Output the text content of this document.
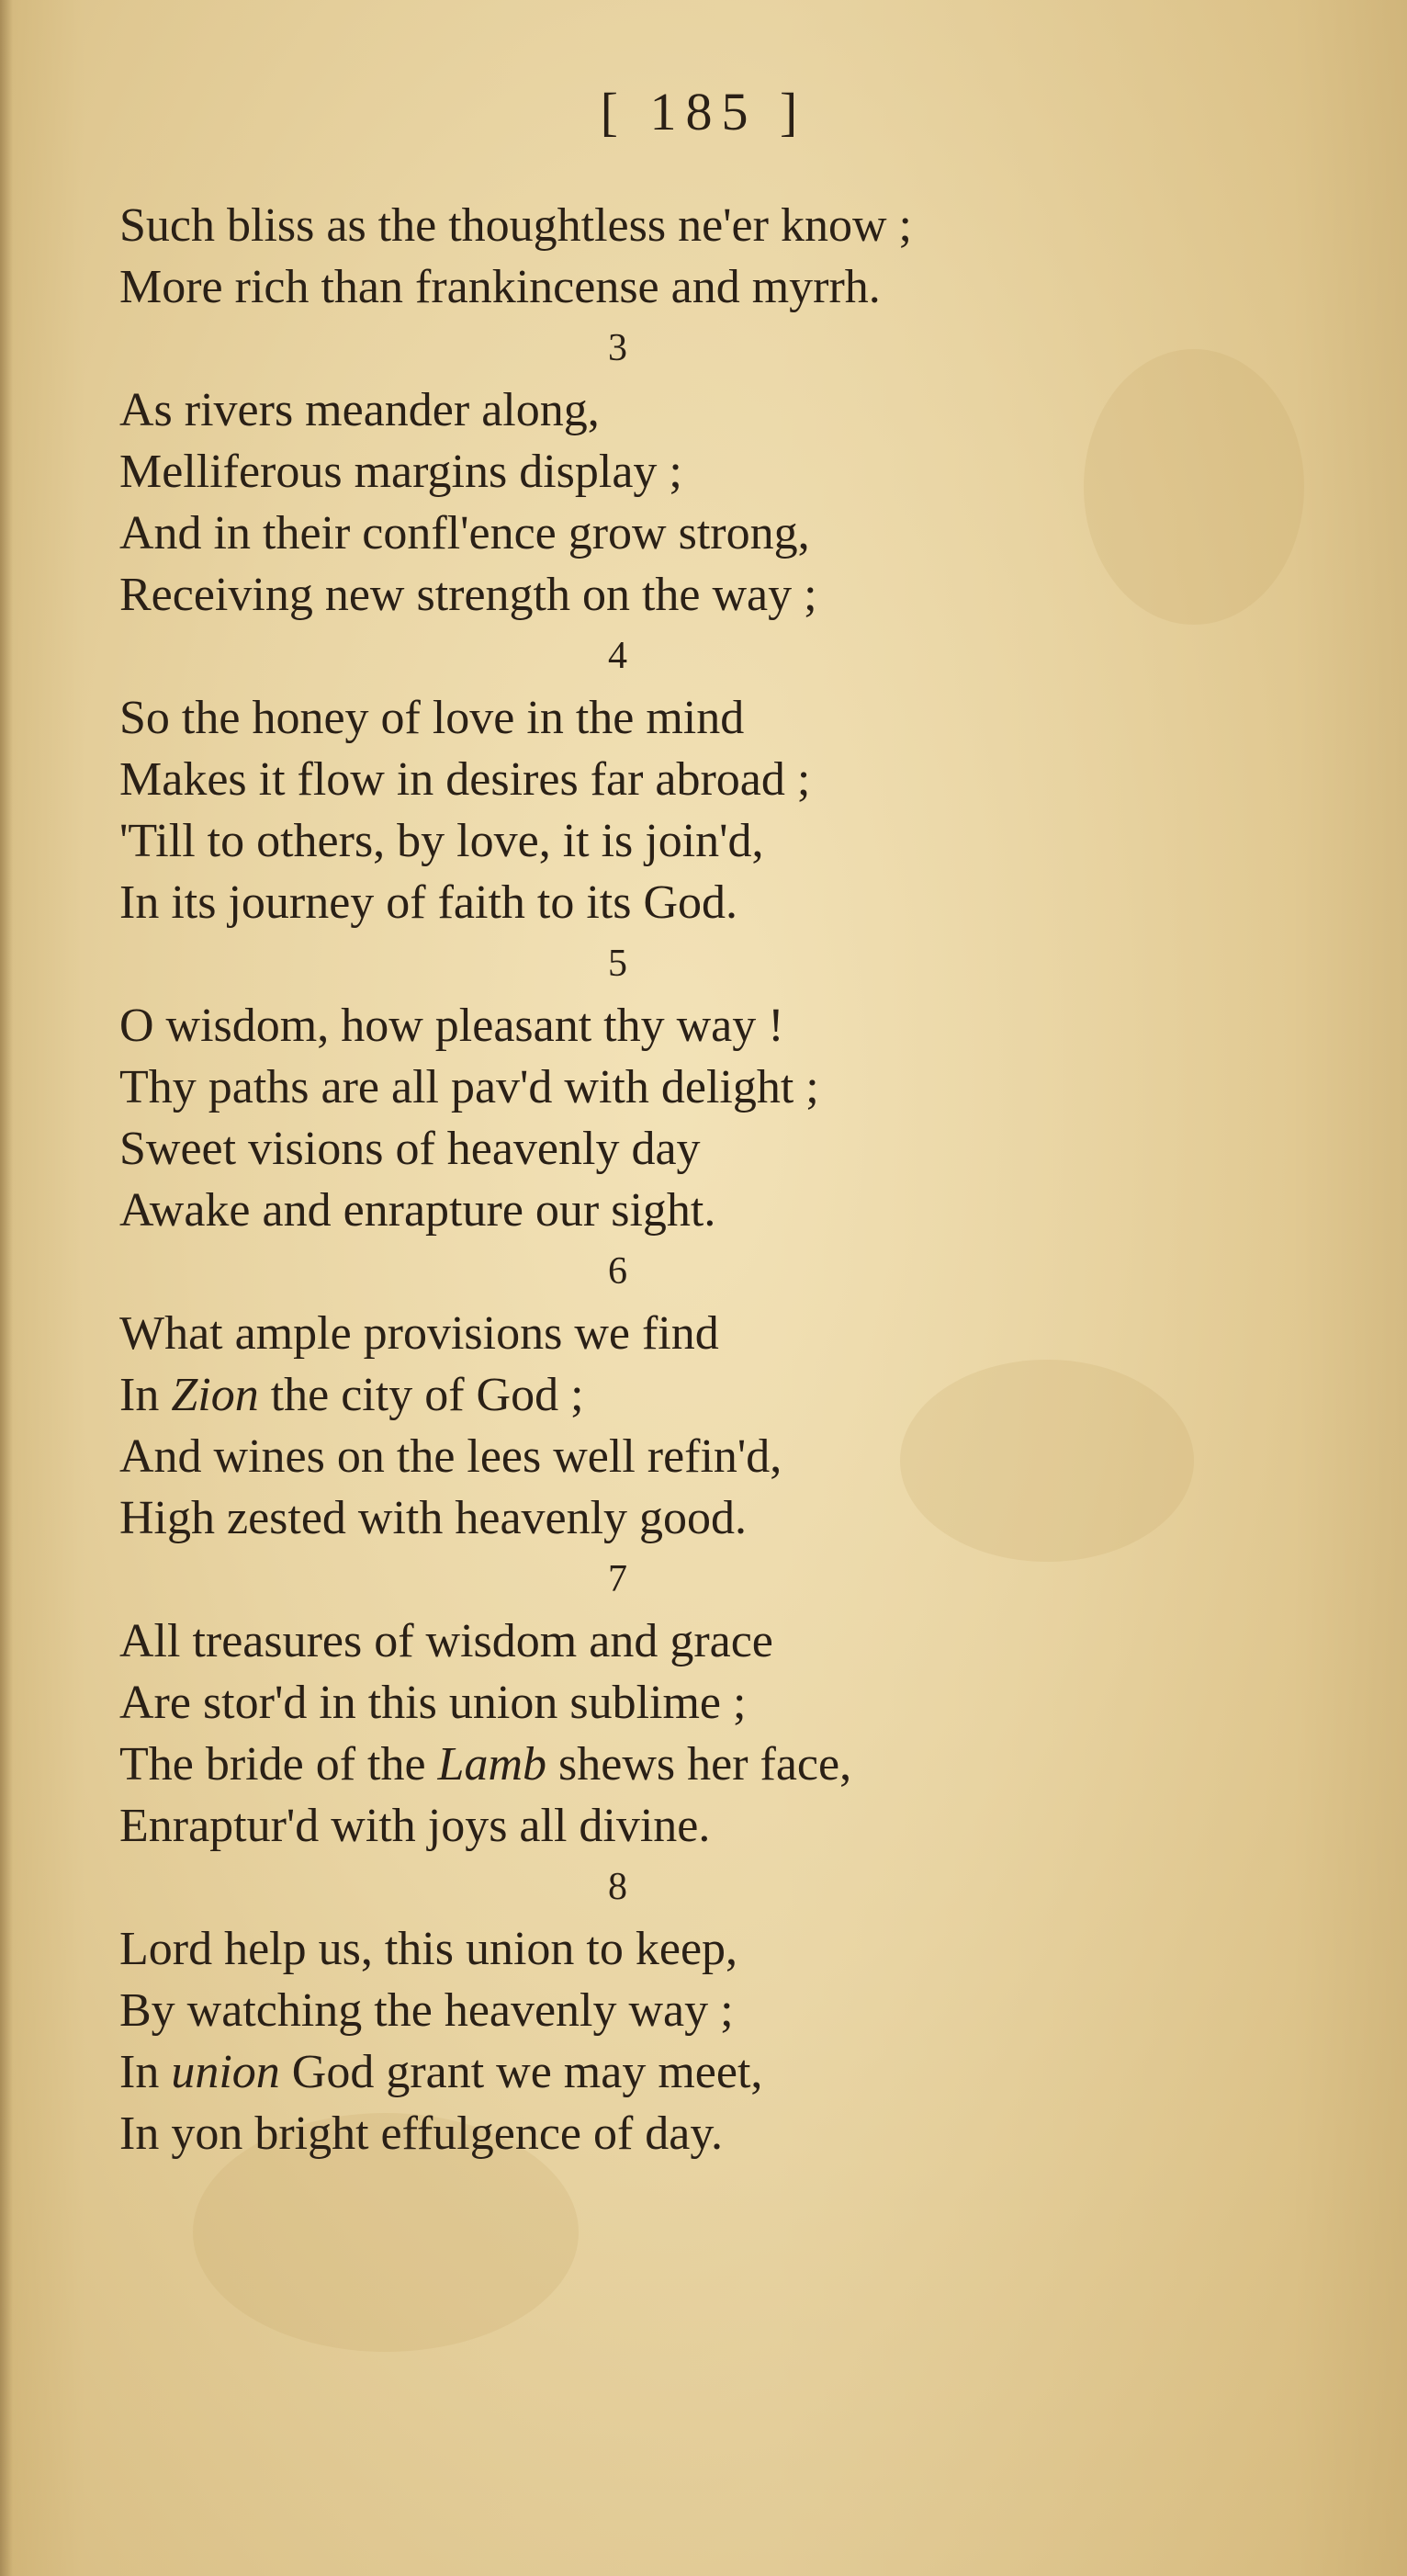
[ 185 ]
Such bliss as the thoughtless ne'er know ;
More rich than frankincense and myrrh.
3
As rivers meander along,
Melliferous margins display ;
And in their confl'ence grow strong,
Receiving new strength on the way ;
4
So the honey of love in the mind
Makes it flow in desires far abroad ;
'Till to others, by love, it is join'd,
In its journey of faith to its God.
5
O wisdom, how pleasant thy way !
Thy paths are all pav'd with delight ;
Sweet visions of heavenly day
Awake and enrapture our sight.
6
What ample provisions we find
In Zion the city of God ;
And wines on the lees well refin'd,
High zested with heavenly good.
7
All treasures of wisdom and grace
Are stor'd in this union sublime ;
The bride of the Lamb shews her face,
Enraptur'd with joys all divine.
8
Lord help us, this union to keep,
By watching the heavenly way ;
In union God grant we may meet,
In yon bright effulgence of day.
